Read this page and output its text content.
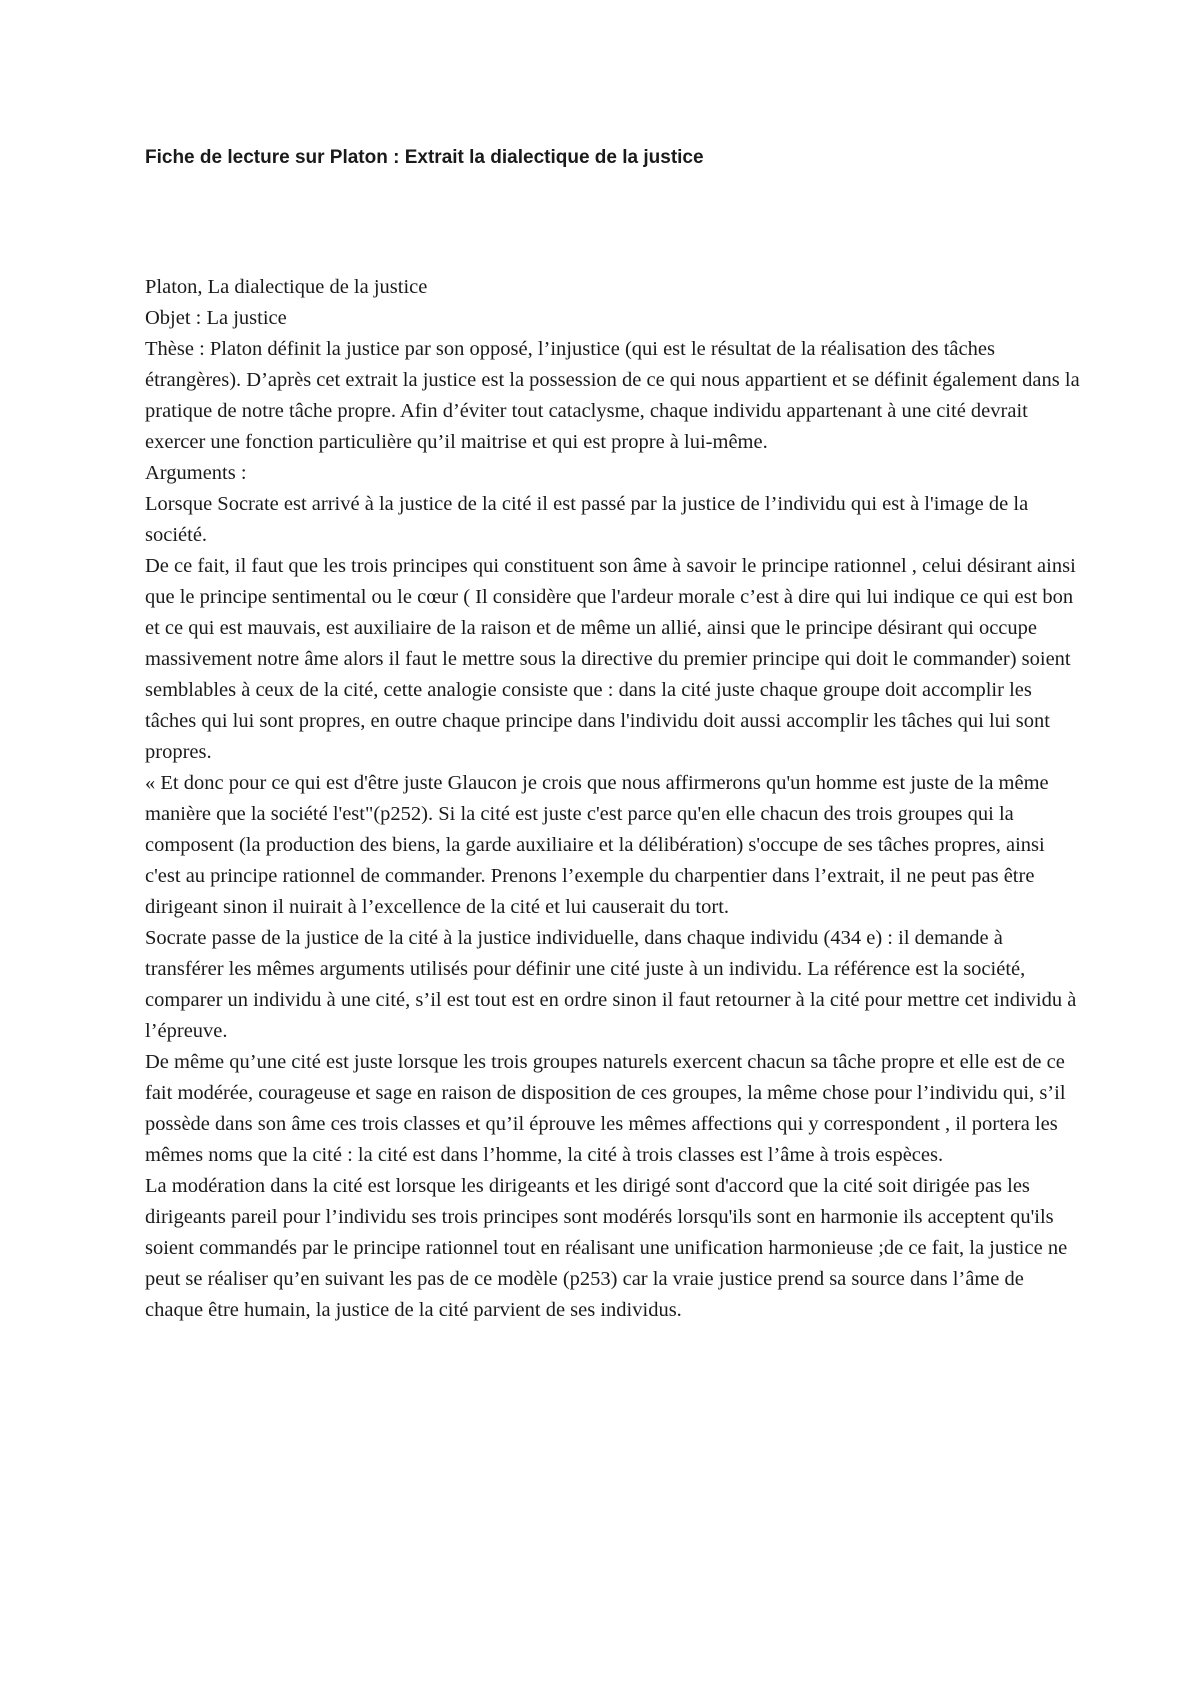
Fiche de lecture sur Platon : Extrait la dialectique de la justice

Platon, La dialectique de la justice

Objet : La justice

Thèse : Platon définit la justice par son opposé, l’injustice (qui est le résultat de la réalisation des tâches étrangères). D’après cet extrait la justice est la possession de ce qui nous appartient et se définit également dans la pratique de notre tâche propre. Afin d’éviter tout cataclysme, chaque individu appartenant à une cité devrait exercer une fonction particulière qu’il maitrise et qui est propre à lui-même.

Arguments :

Lorsque Socrate est arrivé à la justice de la cité il est passé par la justice de l’individu qui est à l'image de la société.

De ce fait, il faut que les trois principes qui constituent son âme à savoir le principe rationnel , celui désirant ainsi que le principe sentimental ou le cœur ( Il considère que l'ardeur morale c’est à dire qui lui indique ce qui est bon et ce qui est mauvais, est auxiliaire de la raison et de même un allié, ainsi que le principe désirant qui occupe massivement notre âme alors il faut le mettre sous la directive du premier principe qui doit le commander) soient semblables à ceux de la cité, cette analogie consiste que : dans la cité juste chaque groupe doit accomplir les tâches qui lui sont propres, en outre chaque principe dans l'individu doit aussi accomplir les tâches qui lui sont propres.

« Et donc pour ce qui est d'être juste Glaucon je crois que nous affirmerons qu'un homme est juste de la même manière que la société l'est"(p252). Si la cité est juste c'est parce qu'en elle chacun des trois groupes qui la composent (la production des biens, la garde auxiliaire et la délibération) s'occupe de ses tâches propres, ainsi c'est au principe rationnel de commander. Prenons l’exemple du charpentier dans l’extrait, il ne peut pas être dirigeant sinon il nuirait à l’excellence de la cité et lui causerait du tort.

Socrate passe de la justice de la cité à la justice individuelle, dans chaque individu (434 e) : il demande à transférer les mêmes arguments utilisés pour définir une cité juste à un individu. La référence est la société, comparer un individu à une cité, s’il est tout est en ordre sinon il faut retourner à la cité pour mettre cet individu à l’épreuve.

De même qu’une cité est juste lorsque les trois groupes naturels exercent chacun sa tâche propre et elle est de ce fait modérée, courageuse et sage en raison de disposition de ces groupes, la même chose pour l’individu qui, s’il possède dans son âme ces trois classes et qu’il éprouve les mêmes affections qui y correspondent , il portera les mêmes noms que la cité : la cité est dans l’homme, la cité à trois classes est l’âme à trois espèces.

La modération dans la cité est lorsque les dirigeants et les dirigé sont d'accord que la cité soit dirigée pas les dirigeants pareil pour l’individu ses trois principes sont modérés lorsqu'ils sont en harmonie ils acceptent qu'ils soient commandés par le principe rationnel tout en réalisant une unification harmonieuse ;de ce fait, la justice ne peut se réaliser qu’en suivant les pas de ce modèle (p253) car la vraie justice prend sa source dans l’âme de chaque être humain, la justice de la cité parvient de ses individus.
